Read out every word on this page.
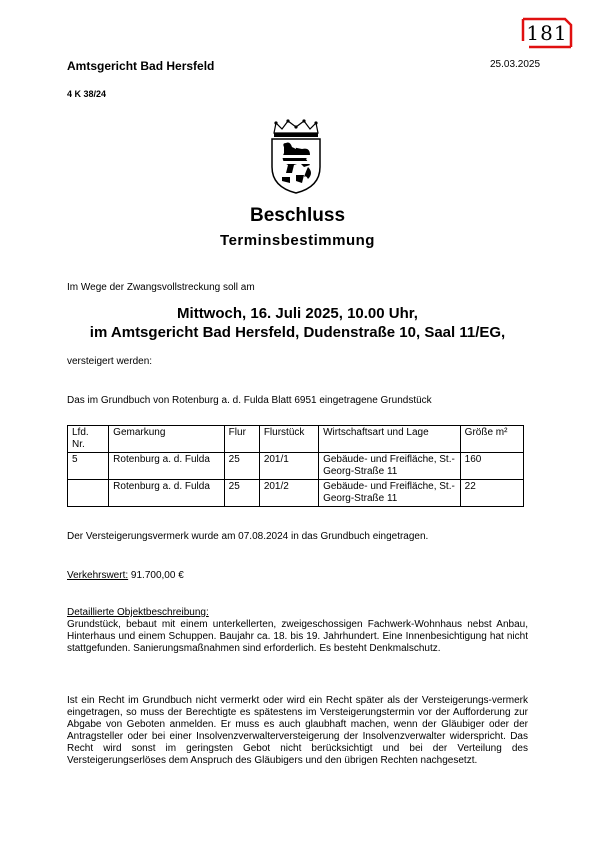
181
Amtsgericht Bad Hersfeld	25.03.2025
4 K 38/24
Beschluss
Terminsbestimmung
Im Wege der Zwangsvollstreckung soll am
Mittwoch, 16. Juli 2025, 10.00 Uhr,
im Amtsgericht Bad Hersfeld, Dudenstraße 10, Saal 11/EG,
versteigert werden:
Das im Grundbuch von Rotenburg a. d. Fulda Blatt 6951 eingetragene Grundstück
Lfd. Nr.	Gemarkung	Flur	Flurstück	Wirtschaftsart und Lage	Größe m²
5	Rotenburg a. d. Fulda	25	201/1	Gebäude- und Freifläche, St.-Georg-Straße 11	160
	Rotenburg a. d. Fulda	25	201/2	Gebäude- und Freifläche, St.-Georg-Straße 11	22
Der Versteigerungsvermerk wurde am 07.08.2024 in das Grundbuch eingetragen.
Verkehrswert: 91.700,00 €
Detaillierte Objektbeschreibung:
Grundstück, bebaut mit einem unterkellerten, zweigeschossigen Fachwerk-Wohnhaus nebst Anbau, Hinterhaus und einem Schuppen. Baujahr ca. 18. bis 19. Jahrhundert. Eine Innenbesichtigung hat nicht stattgefunden. Sanierungsmaßnahmen sind erforderlich. Es besteht Denkmalschutz.
Ist ein Recht im Grundbuch nicht vermerkt oder wird ein Recht später als der Versteigerungs-vermerk eingetragen, so muss der Berechtigte es spätestens im Versteigerungstermin vor der Aufforderung zur Abgabe von Geboten anmelden. Er muss es auch glaubhaft machen, wenn der Gläubiger oder der Antragsteller oder bei einer Insolvenzverwalterversteigerung der Insolvenzverwalter widerspricht. Das Recht wird sonst im geringsten Gebot nicht berücksichtigt und bei der Verteilung des Versteigerungserlöses dem Anspruch des Gläubigers und den übrigen Rechten nachgesetzt.
